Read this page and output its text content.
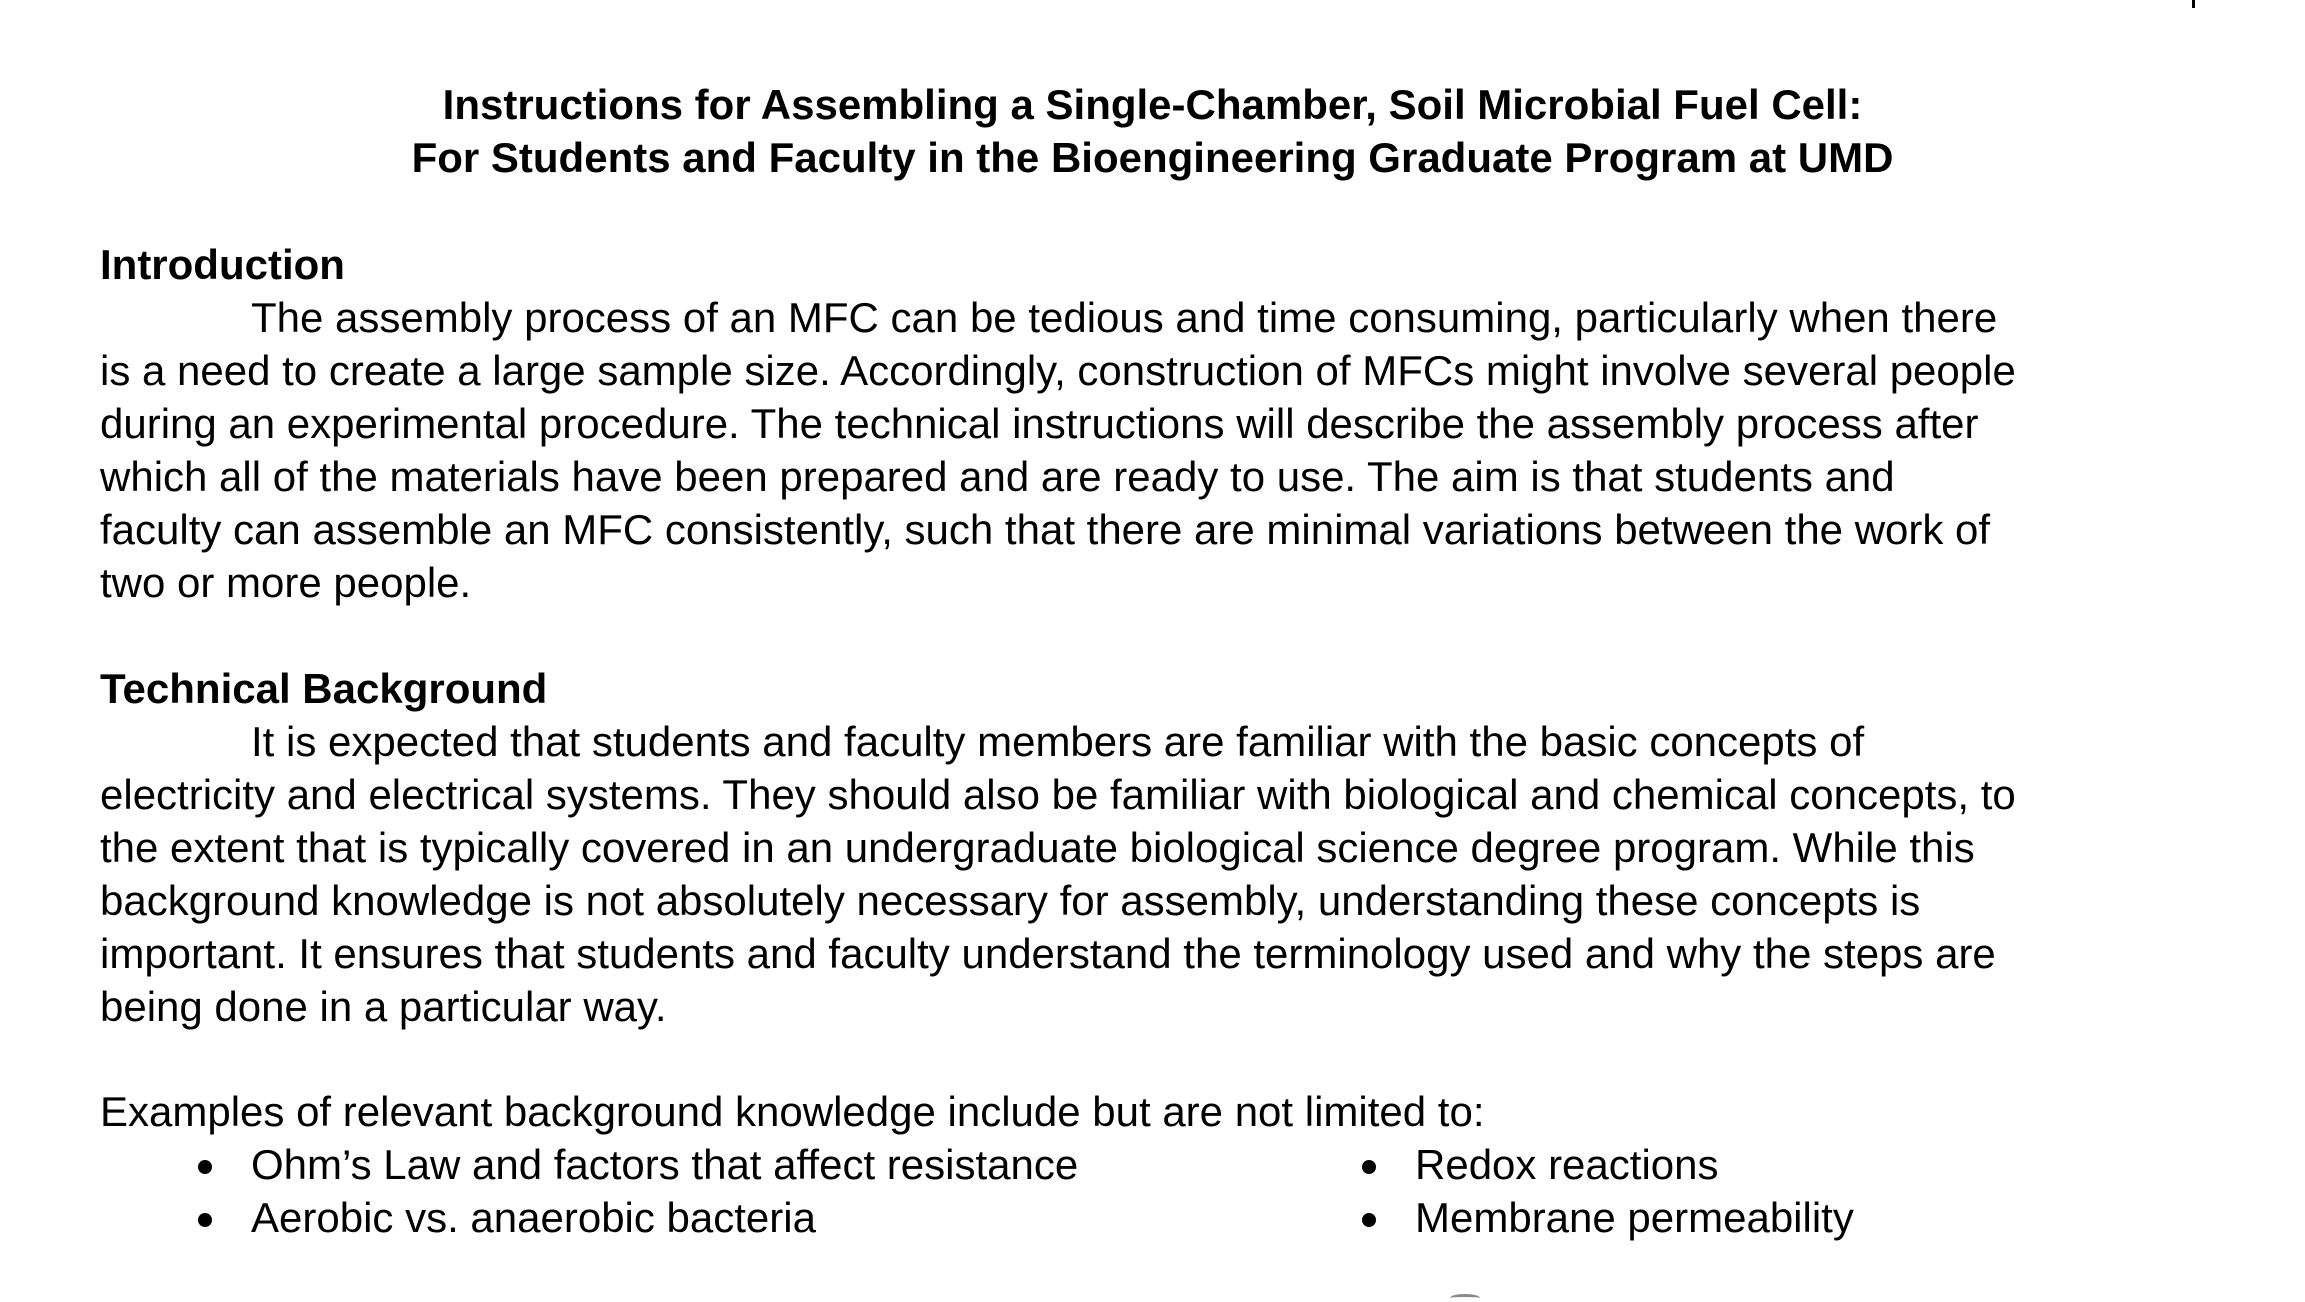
Instructions for Assembling a Single-Chamber, Soil Microbial Fuel Cell:
For Students and Faculty in the Bioengineering Graduate Program at UMD
Introduction

The assembly process of an MFC can be tedious and time consuming, particularly when there
is a need to create a large sample size. Accordingly, construction of MFCs might involve several people
during an experimental procedure. The technical instructions will describe the assembly process after
which all of the materials have been prepared and are ready to use. The aim is that students and
faculty can assemble an MFC consistently, such that there are minimal variations between the work of
two or more people.

Technical Background

It is expected that students and faculty members are familiar with the basic concepts of
electricity and electrical systems. They should also be familiar with biological and chemical concepts, to
the extent that is typically covered in an undergraduate biological science degree program. While this
background knowledge is not absolutely necessary for assembly, understanding these concepts is
important. It ensures that students and faculty understand the terminology used and why the steps are
being done in a particular way.

Examples of relevant background knowledge include but are not limited to:

Ohm’s Law and factors that affect resistance
Aerobic vs. anaerobic bacteria
Redox reactions
Membrane permeability
